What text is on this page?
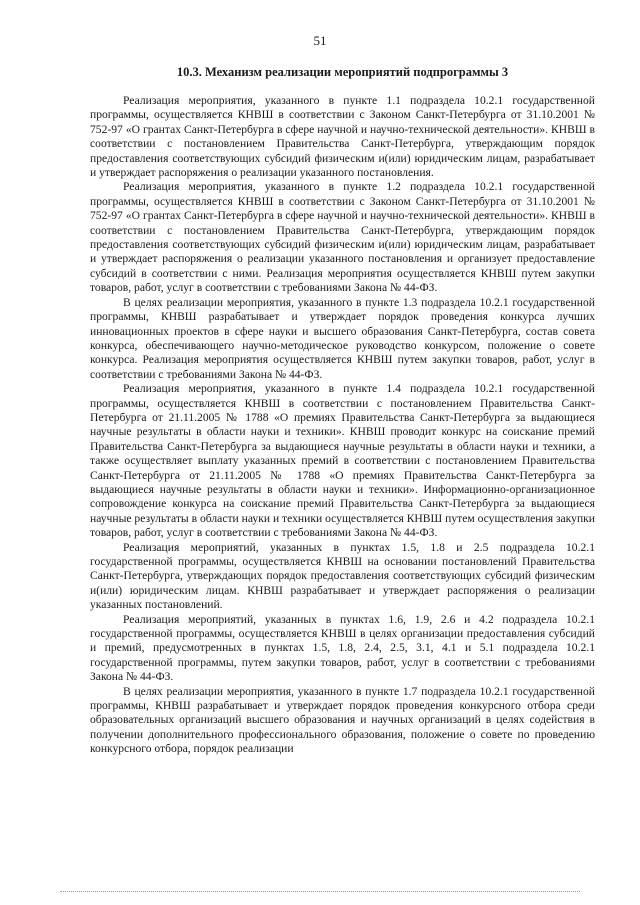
51
10.3. Механизм реализации мероприятий подпрограммы 3

Реализация мероприятия, указанного в пункте 1.1 подраздела 10.2.1 государственной программы, осуществляется КНВШ в соответствии с Законом Санкт-Петербурга от 31.10.2001 № 752-97 «О грантах Санкт-Петербурга в сфере научной и научно-технической деятельности». КНВШ в соответствии с постановлением Правительства Санкт-Петербурга, утверждающим порядок предоставления соответствующих субсидий физическим и(или) юридическим лицам, разрабатывает и утверждает распоряжения о реализации указанного постановления.

Реализация мероприятия, указанного в пункте 1.2 подраздела 10.2.1 государственной программы, осуществляется КНВШ в соответствии с Законом Санкт-Петербурга от 31.10.2001 № 752-97 «О грантах Санкт-Петербурга в сфере научной и научно-технической деятельности». КНВШ в соответствии с постановлением Правительства Санкт-Петербурга, утверждающим порядок предоставления соответствующих субсидий физическим и(или) юридическим лицам, разрабатывает и утверждает распоряжения о реализации указанного постановления и организует предоставление субсидий в соответствии с ними. Реализация мероприятия осуществляется КНВШ путем закупки товаров, работ, услуг в соответствии с требованиями Закона № 44-ФЗ.

В целях реализации мероприятия, указанного в пункте 1.3 подраздела 10.2.1 государственной программы, КНВШ разрабатывает и утверждает порядок проведения конкурса лучших инновационных проектов в сфере науки и высшего образования Санкт-Петербурга, состав совета конкурса, обеспечивающего научно-методическое руководство конкурсом, положение о совете конкурса. Реализация мероприятия осуществляется КНВШ путем закупки товаров, работ, услуг в соответствии с требованиями Закона № 44-ФЗ.

Реализация мероприятия, указанного в пункте 1.4 подраздела 10.2.1 государственной программы, осуществляется КНВШ в соответствии с постановлением Правительства Санкт-Петербурга от 21.11.2005 № 1788 «О премиях Правительства Санкт-Петербурга за выдающиеся научные результаты в области науки и техники». КНВШ проводит конкурс на соискание премий Правительства Санкт-Петербурга за выдающиеся научные результаты в области науки и техники, а также осуществляет выплату указанных премий в соответствии с постановлением Правительства Санкт-Петербурга от 21.11.2005 № 1788 «О премиях Правительства Санкт-Петербурга за выдающиеся научные результаты в области науки и техники». Информационно-организационное сопровождение конкурса на соискание премий Правительства Санкт-Петербурга за выдающиеся научные результаты в области науки и техники осуществляется КНВШ путем осуществления закупки товаров, работ, услуг в соответствии с требованиями Закона № 44-ФЗ.

Реализация мероприятий, указанных в пунктах 1.5, 1.8 и 2.5 подраздела 10.2.1 государственной программы, осуществляется КНВШ на основании постановлений Правительства Санкт-Петербурга, утверждающих порядок предоставления соответствующих субсидий физическим и(или) юридическим лицам. КНВШ разрабатывает и утверждает распоряжения о реализации указанных постановлений.

Реализация мероприятий, указанных в пунктах 1.6, 1.9, 2.6 и 4.2 подраздела 10.2.1 государственной программы, осуществляется КНВШ в целях организации предоставления субсидий и премий, предусмотренных в пунктах 1.5, 1.8, 2.4, 2.5, 3.1, 4.1 и 5.1 подраздела 10.2.1 государственной программы, путем закупки товаров, работ, услуг в соответствии с требованиями Закона № 44-ФЗ.

В целях реализации мероприятия, указанного в пункте 1.7 подраздела 10.2.1 государственной программы, КНВШ разрабатывает и утверждает порядок проведения конкурсного отбора среди образовательных организаций высшего образования и научных организаций в целях содействия в получении дополнительного профессионального образования, положение о совете по проведению конкурсного отбора, порядок реализации
